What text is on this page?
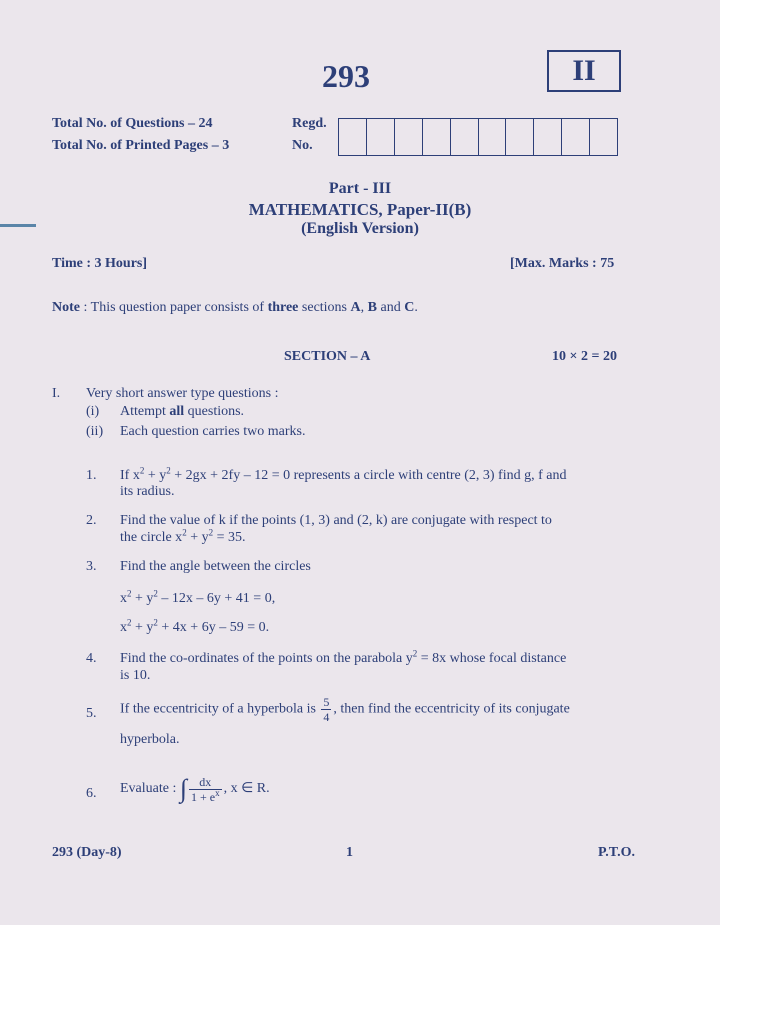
293	II
Total No. of Questions – 24
Total No. of Printed Pages – 3
Regd.
No.
Part - III
MATHEMATICS, Paper-II(B)
(English Version)
Time : 3 Hours]	[Max. Marks : 75
Note : This question paper consists of three sections A, B and C.
SECTION – A	10 × 2 = 20
I. Very short answer type questions :
(i) Attempt all questions.
(ii) Each question carries two marks.
1. If $x^2 + y^2 + 2gx + 2fy - 12 = 0$ represents a circle with centre (2, 3) find g, f and
its radius.
2. Find the value of k if the points (1, 3) and (2, k) are conjugate with respect to
the circle $x^2 + y^2 = 35$.
3. Find the angle between the circles
$x^2 + y^2 - 12x - 6y + 41 = 0$,
$x^2 + y^2 + 4x + 6y - 59 = 0$.
4. Find the co-ordinates of the points on the parabola $y^2 = 8x$ whose focal distance
is 10.
5. If the eccentricity of a hyperbola is $\frac{5}{4}$ , then find the eccentricity of its conjugate
hyperbola.
6. Evaluate : ∫ $\frac{dx}{1 + e^x}$ , x ∈ R.
293 (Day-8)	1	P.T.O.
